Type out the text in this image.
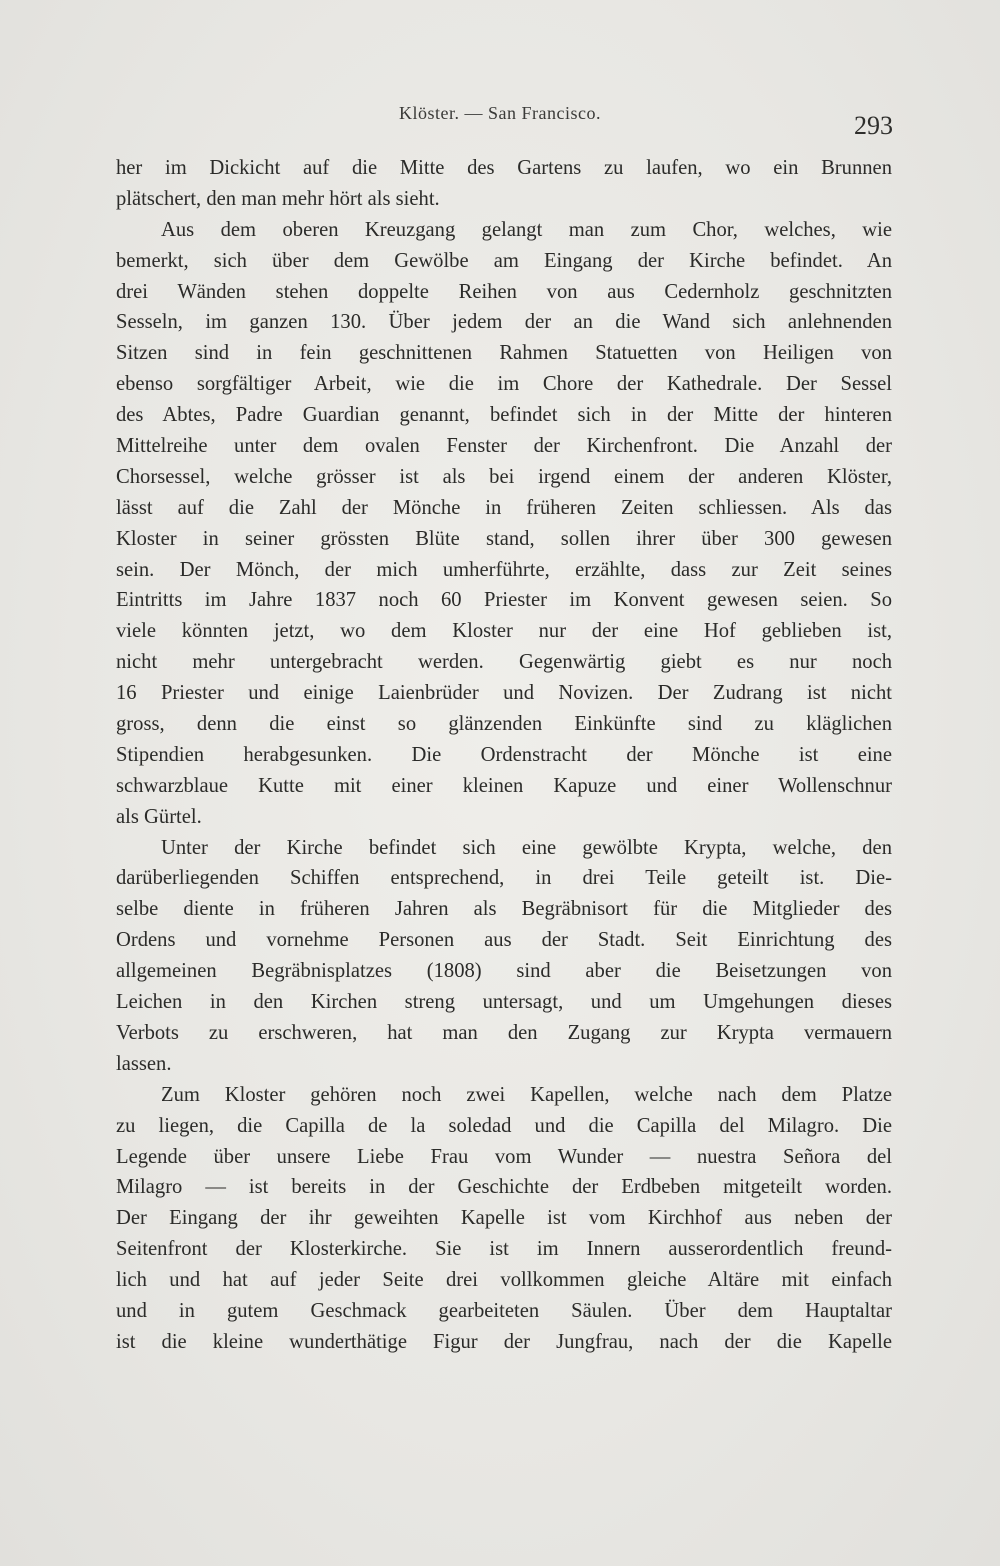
Klöster. — San Francisco.	293
her im Dickicht auf die Mitte des Gartens zu laufen, wo ein Brunnen
plätschert, den man mehr hört als sieht.
Aus dem oberen Kreuzgang gelangt man zum Chor, welches, wie
bemerkt, sich über dem Gewölbe am Eingang der Kirche befindet. An
drei Wänden stehen doppelte Reihen von aus Cedernholz geschnitzten
Sesseln, im ganzen 130. Über jedem der an die Wand sich anlehnenden
Sitzen sind in fein geschnittenen Rahmen Statuetten von Heiligen von
ebenso sorgfältiger Arbeit, wie die im Chore der Kathedrale. Der Sessel
des Abtes, Padre Guardian genannt, befindet sich in der Mitte der hinteren
Mittelreihe unter dem ovalen Fenster der Kirchenfront. Die Anzahl der
Chorsessel, welche grösser ist als bei irgend einem der anderen Klöster,
lässt auf die Zahl der Mönche in früheren Zeiten schliessen. Als das
Kloster in seiner grössten Blüte stand, sollen ihrer über 300 gewesen
sein. Der Mönch, der mich umherführte, erzählte, dass zur Zeit seines
Eintritts im Jahre 1837 noch 60 Priester im Konvent gewesen seien. So
viele könnten jetzt, wo dem Kloster nur der eine Hof geblieben ist,
nicht mehr untergebracht werden. Gegenwärtig giebt es nur noch
16 Priester und einige Laienbrüder und Novizen. Der Zudrang ist nicht
gross, denn die einst so glänzenden Einkünfte sind zu kläglichen
Stipendien herabgesunken. Die Ordenstracht der Mönche ist eine
schwarzblaue Kutte mit einer kleinen Kapuze und einer Wollenschnur
als Gürtel.
Unter der Kirche befindet sich eine gewölbte Krypta, welche, den
darüberliegenden Schiffen entsprechend, in drei Teile geteilt ist. Die-
selbe diente in früheren Jahren als Begräbnisort für die Mitglieder des
Ordens und vornehme Personen aus der Stadt. Seit Einrichtung des
allgemeinen Begräbnisplatzes (1808) sind aber die Beisetzungen von
Leichen in den Kirchen streng untersagt, und um Umgehungen dieses
Verbots zu erschweren, hat man den Zugang zur Krypta vermauern
lassen.
Zum Kloster gehören noch zwei Kapellen, welche nach dem Platze
zu liegen, die Capilla de la soledad und die Capilla del Milagro. Die
Legende über unsere Liebe Frau vom Wunder — nuestra Señora del
Milagro — ist bereits in der Geschichte der Erdbeben mitgeteilt worden.
Der Eingang der ihr geweihten Kapelle ist vom Kirchhof aus neben der
Seitenfront der Klosterkirche. Sie ist im Innern ausserordentlich freund-
lich und hat auf jeder Seite drei vollkommen gleiche Altäre mit einfach
und in gutem Geschmack gearbeiteten Säulen. Über dem Hauptaltar
ist die kleine wunderthätige Figur der Jungfrau, nach der die Kapelle
